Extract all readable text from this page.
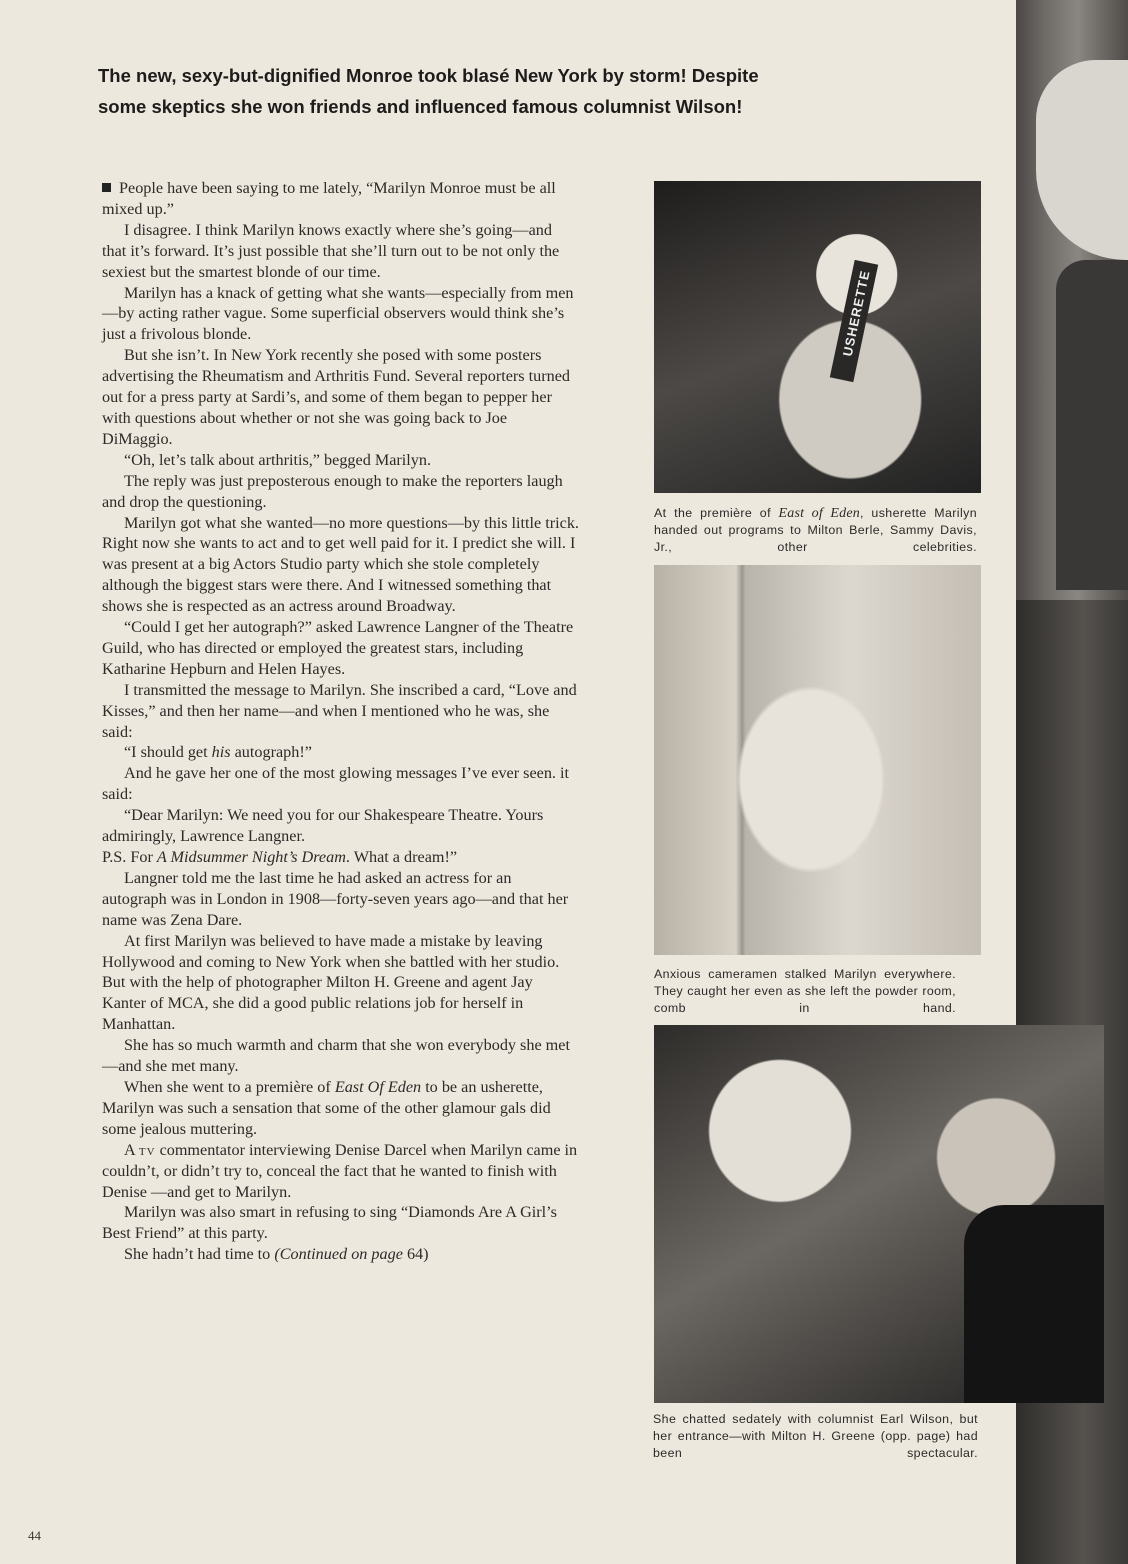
The new, sexy-but-dignified Monroe took blasé New York by storm! Despite
some skeptics she won friends and influenced famous columnist Wilson!

People have been saying to me lately, “Marilyn Monroe must be all mixed up.”

I disagree. I think Marilyn knows exactly where she’s going—and that it’s forward. It’s just possible that she’ll turn out to be not only the sexiest but the smartest blonde of our time.

Marilyn has a knack of getting what she wants—especially from men—by acting rather vague. Some superficial observers would think she’s just a frivolous blonde.

But she isn’t. In New York recently she posed with some posters advertising the Rheumatism and Arthritis Fund. Several reporters turned out for a press party at Sardi’s, and some of them began to pepper her with questions about whether or not she was going back to Joe DiMaggio.

“Oh, let’s talk about arthritis,” begged Marilyn.

The reply was just preposterous enough to make the reporters laugh and drop the questioning.

Marilyn got what she wanted—no more questions—by this little trick. Right now she wants to act and to get well paid for it. I predict she will. I was present at a big Actors Studio party which she stole completely although the biggest stars were there. And I witnessed something that shows she is respected as an actress around Broadway.

“Could I get her autograph?” asked Lawrence Langner of the Theatre Guild, who has directed or employed the greatest stars, including Katharine Hepburn and Helen Hayes.

I transmitted the message to Marilyn. She inscribed a card, “Love and Kisses,” and then her name—and when I mentioned who he was, she said:

“I should get his autograph!”

And he gave her one of the most glowing messages I’ve ever seen. it said:

“Dear Marilyn: We need you for our Shakespeare Theatre. Yours admiringly, Lawrence Langner.
P.S. For A Midsummer Night’s Dream. What a dream!”

Langner told me the last time he had asked an actress for an autograph was in London in 1908—forty-seven years ago—and that her name was Zena Dare.

At first Marilyn was believed to have made a mistake by leaving Hollywood and coming to New York when she battled with her studio. But with the help of photographer Milton H. Greene and agent Jay Kanter of MCA, she did a good public relations job for herself in Manhattan.

She has so much warmth and charm that she won everybody she met—and she met many.

When she went to a première of East Of Eden to be an usherette, Marilyn was such a sensation that some of the other glamour gals did some jealous muttering.

A tv commentator interviewing Denise Darcel when Marilyn came in couldn’t, or didn’t try to, conceal the fact that he wanted to finish with Denise —and get to Marilyn.

Marilyn was also smart in refusing to sing “Diamonds Are A Girl’s Best Friend” at this party.

She hadn’t had time to (Continued on page 64)

USHERETTE

At the première of East of Eden, usherette Marilyn handed out programs to Milton Berle, Sammy Davis, Jr., other celebrities.

Anxious cameramen stalked Marilyn everywhere. They caught her even as she left the powder room, comb in hand.

She chatted sedately with columnist Earl Wilson, but her entrance—with Milton H. Greene (opp. page) had been spectacular.

44
